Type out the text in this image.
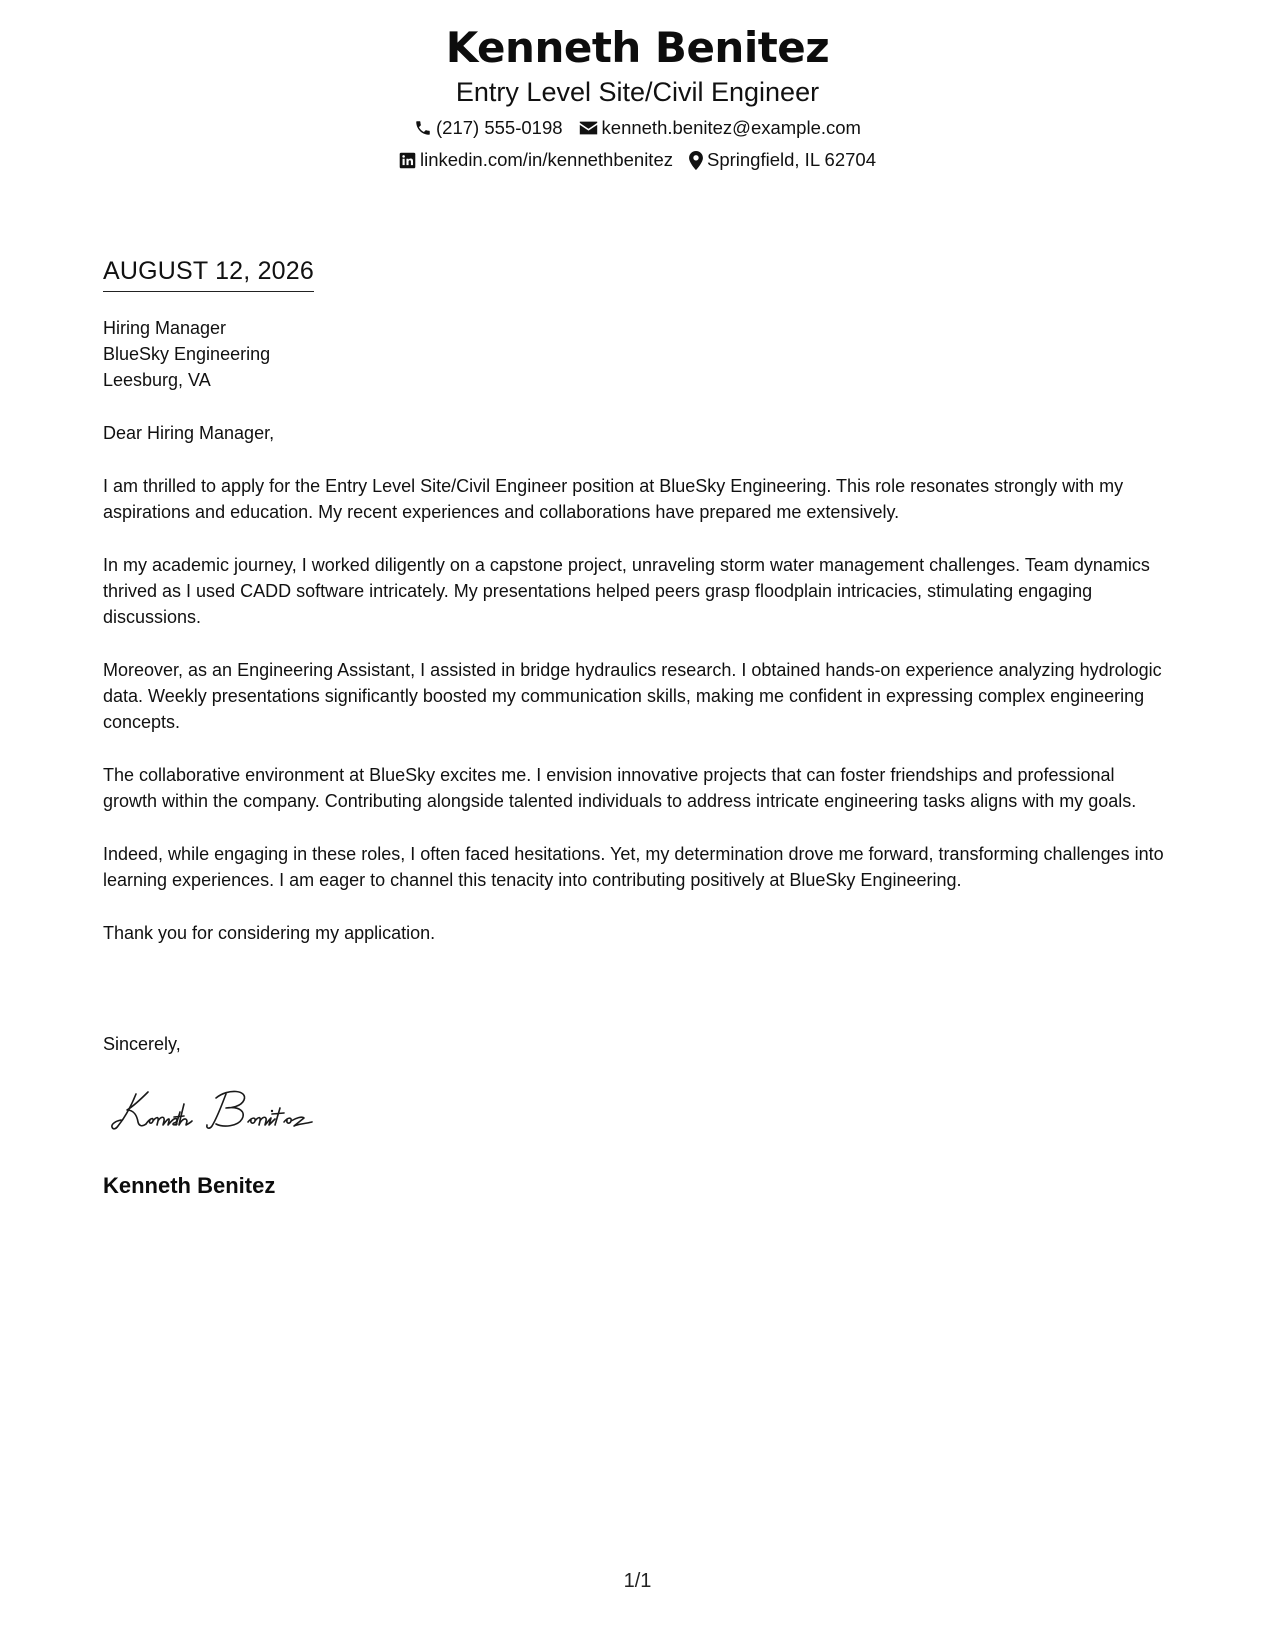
Kenneth Benitez
Entry Level Site/Civil Engineer
(217) 555-0198 kenneth.benitez@example.com
linkedin.com/in/kennethbenitez Springfield, IL 62704
AUGUST 12, 2026
Hiring Manager
BlueSky Engineering
Leesburg, VA
Dear Hiring Manager,
I am thrilled to apply for the Entry Level Site/Civil Engineer position at BlueSky Engineering. This role resonates strongly with my aspirations and education. My recent experiences and collaborations have prepared me extensively.
In my academic journey, I worked diligently on a capstone project, unraveling storm water management challenges. Team dynamics thrived as I used CADD software intricately. My presentations helped peers grasp floodplain intricacies, stimulating engaging discussions.
Moreover, as an Engineering Assistant, I assisted in bridge hydraulics research. I obtained hands-on experience analyzing hydrologic data. Weekly presentations significantly boosted my communication skills, making me confident in expressing complex engineering concepts.
The collaborative environment at BlueSky excites me. I envision innovative projects that can foster friendships and professional growth within the company. Contributing alongside talented individuals to address intricate engineering tasks aligns with my goals.
Indeed, while engaging in these roles, I often faced hesitations. Yet, my determination drove me forward, transforming challenges into learning experiences. I am eager to channel this tenacity into contributing positively at BlueSky Engineering.
Thank you for considering my application.
Sincerely,
Kenneth Benitez
1/1
